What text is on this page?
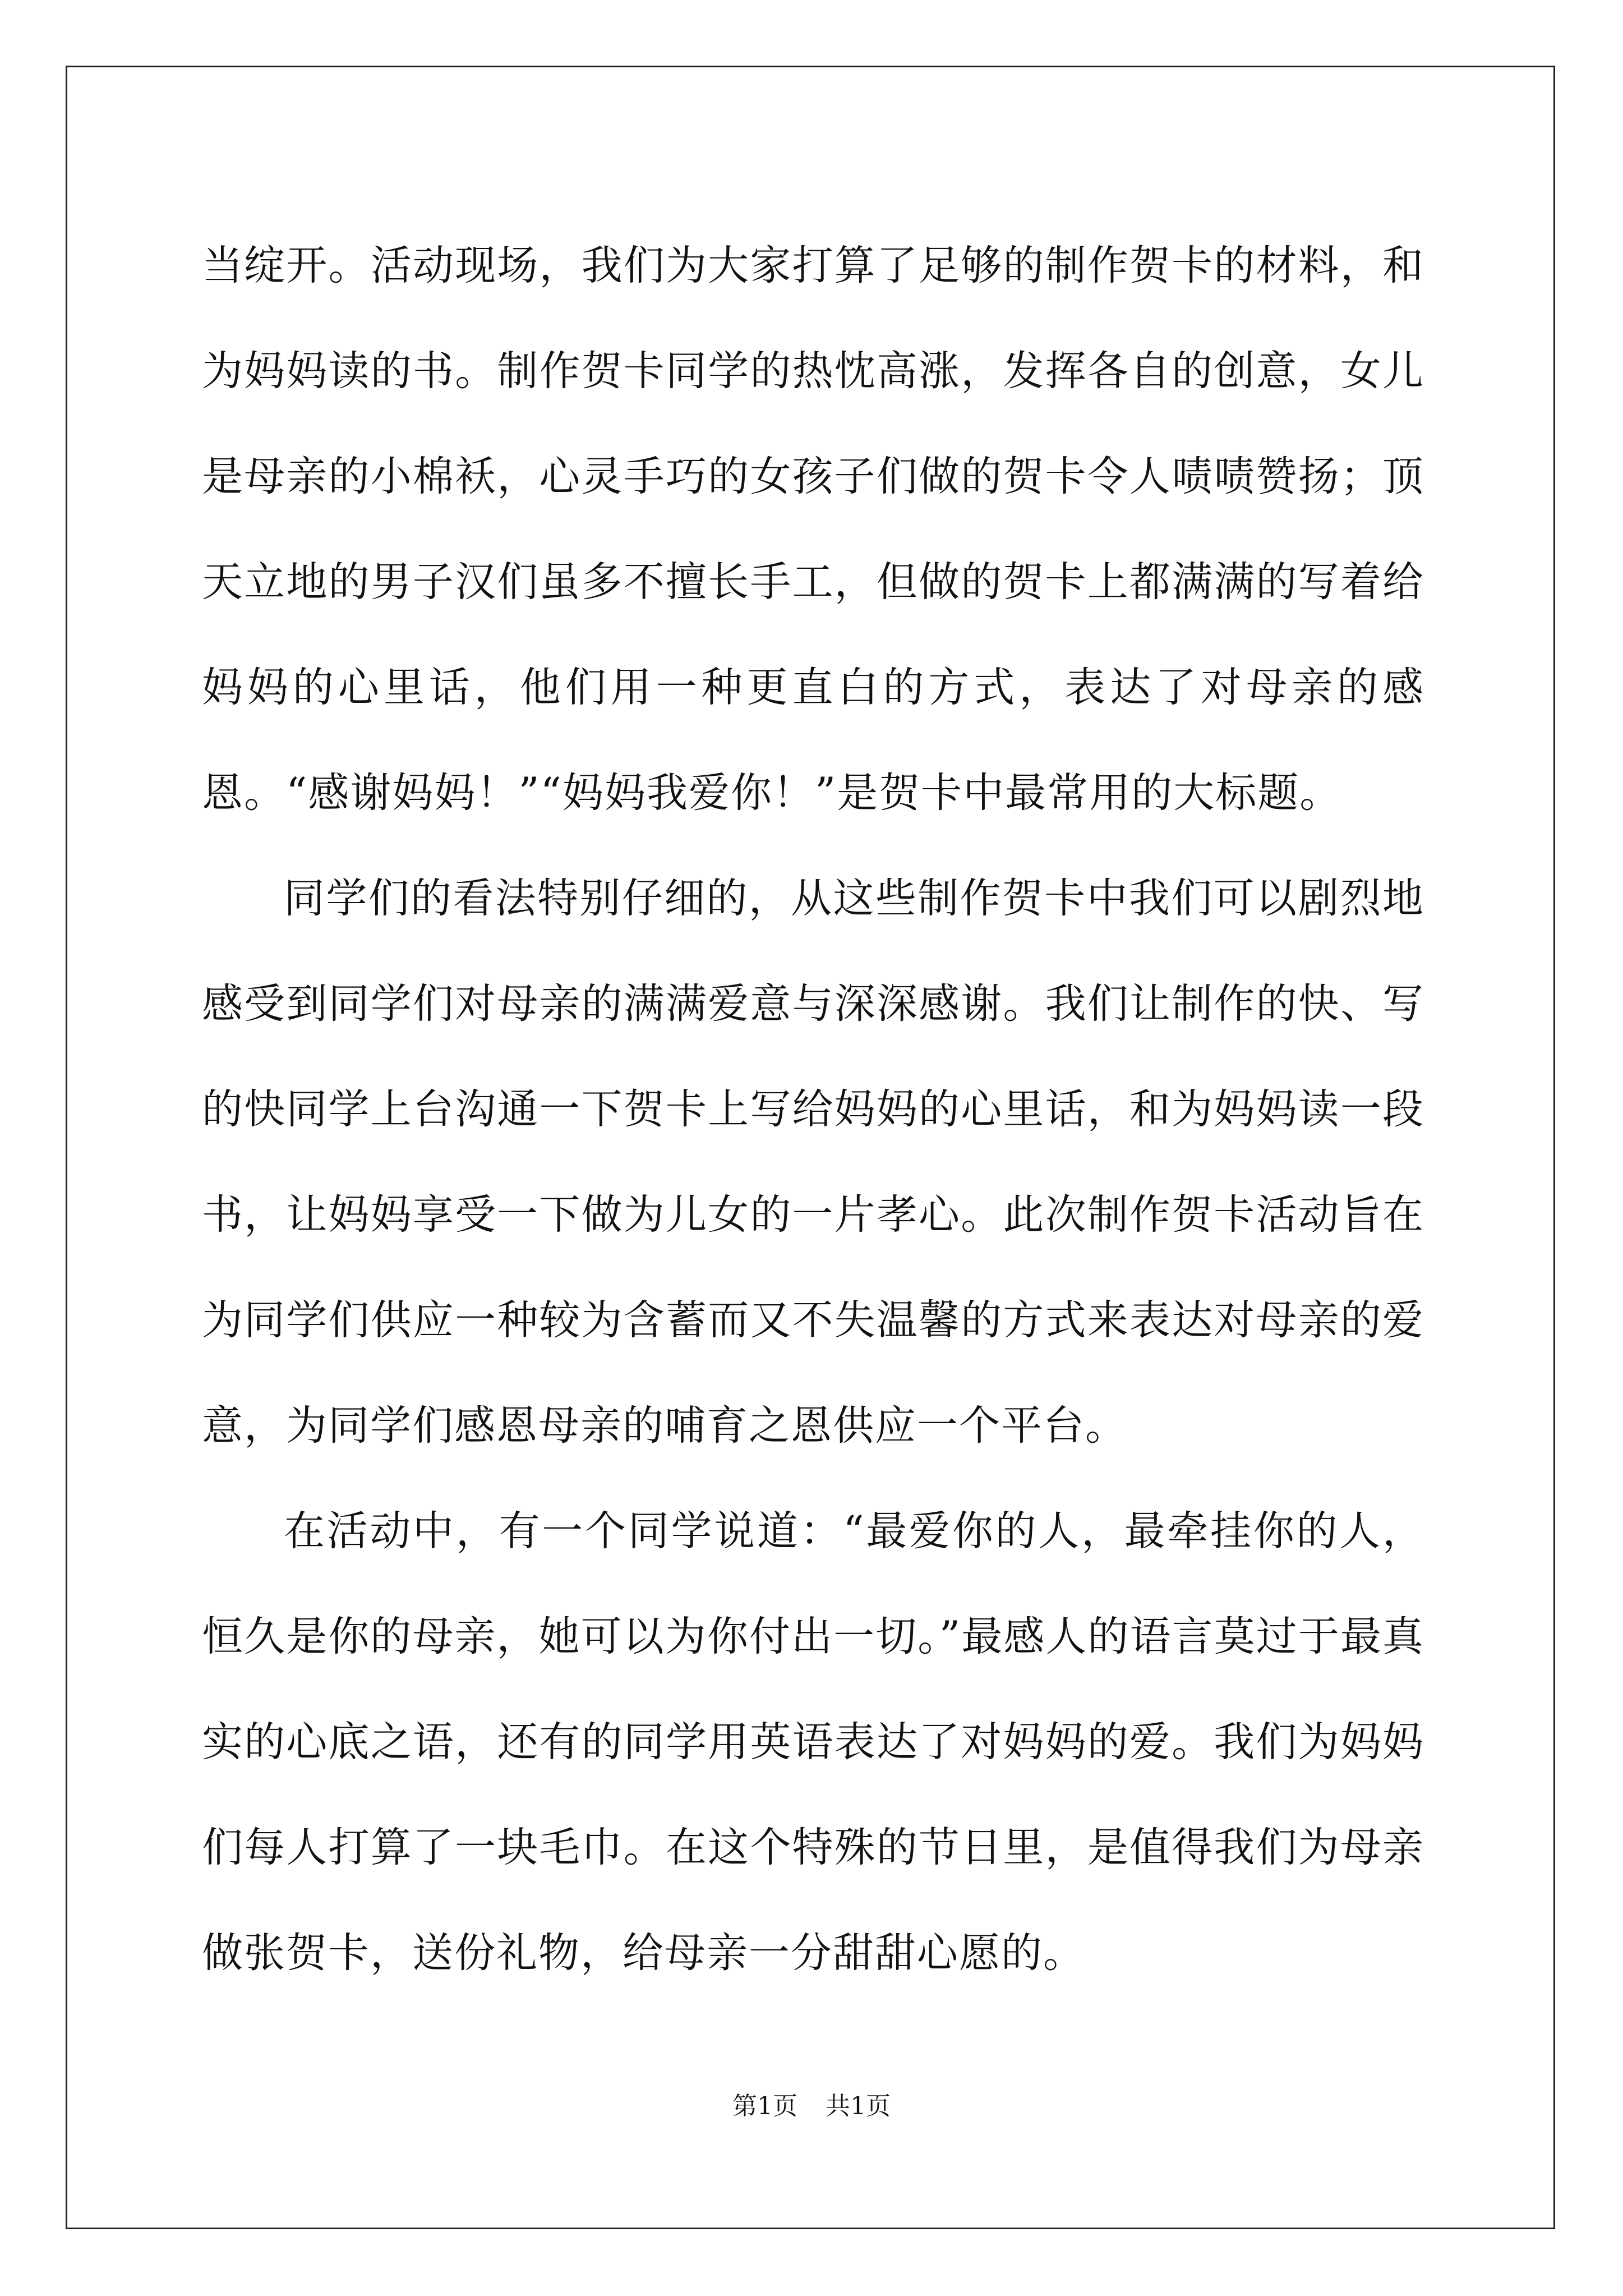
当绽开。活动现场，我们为大家打算了足够的制作贺卡的材料，和为妈妈读的书。制作贺卡同学的热忱高涨，发挥各自的创意，女儿是母亲的小棉袄，心灵手巧的女孩子们做的贺卡令人啧啧赞扬；顶天立地的男子汉们虽多不擅长手工，但做的贺卡上都满满的写着给妈妈的心里话，他们用一种更直白的方式，表达了对母亲的感恩。“感谢妈妈！”“妈妈我爱你！”是贺卡中最常用的大标题。

同学们的看法特别仔细的，从这些制作贺卡中我们可以剧烈地感受到同学们对母亲的满满爱意与深深感谢。我们让制作的快、写的快同学上台沟通一下贺卡上写给妈妈的心里话，和为妈妈读一段书，让妈妈享受一下做为儿女的一片孝心。此次制作贺卡活动旨在为同学们供应一种较为含蓄而又不失温馨的方式来表达对母亲的爱意，为同学们感恩母亲的哺育之恩供应一个平台。

在活动中，有一个同学说道：“最爱你的人，最牵挂你的人，恒久是你的母亲，她可以为你付出一切。”最感人的语言莫过于最真实的心底之语，还有的同学用英语表达了对妈妈的爱。我们为妈妈们每人打算了一块毛巾。在这个特殊的节日里，是值得我们为母亲做张贺卡，送份礼物，给母亲一分甜甜心愿的。

第1页 共1页
